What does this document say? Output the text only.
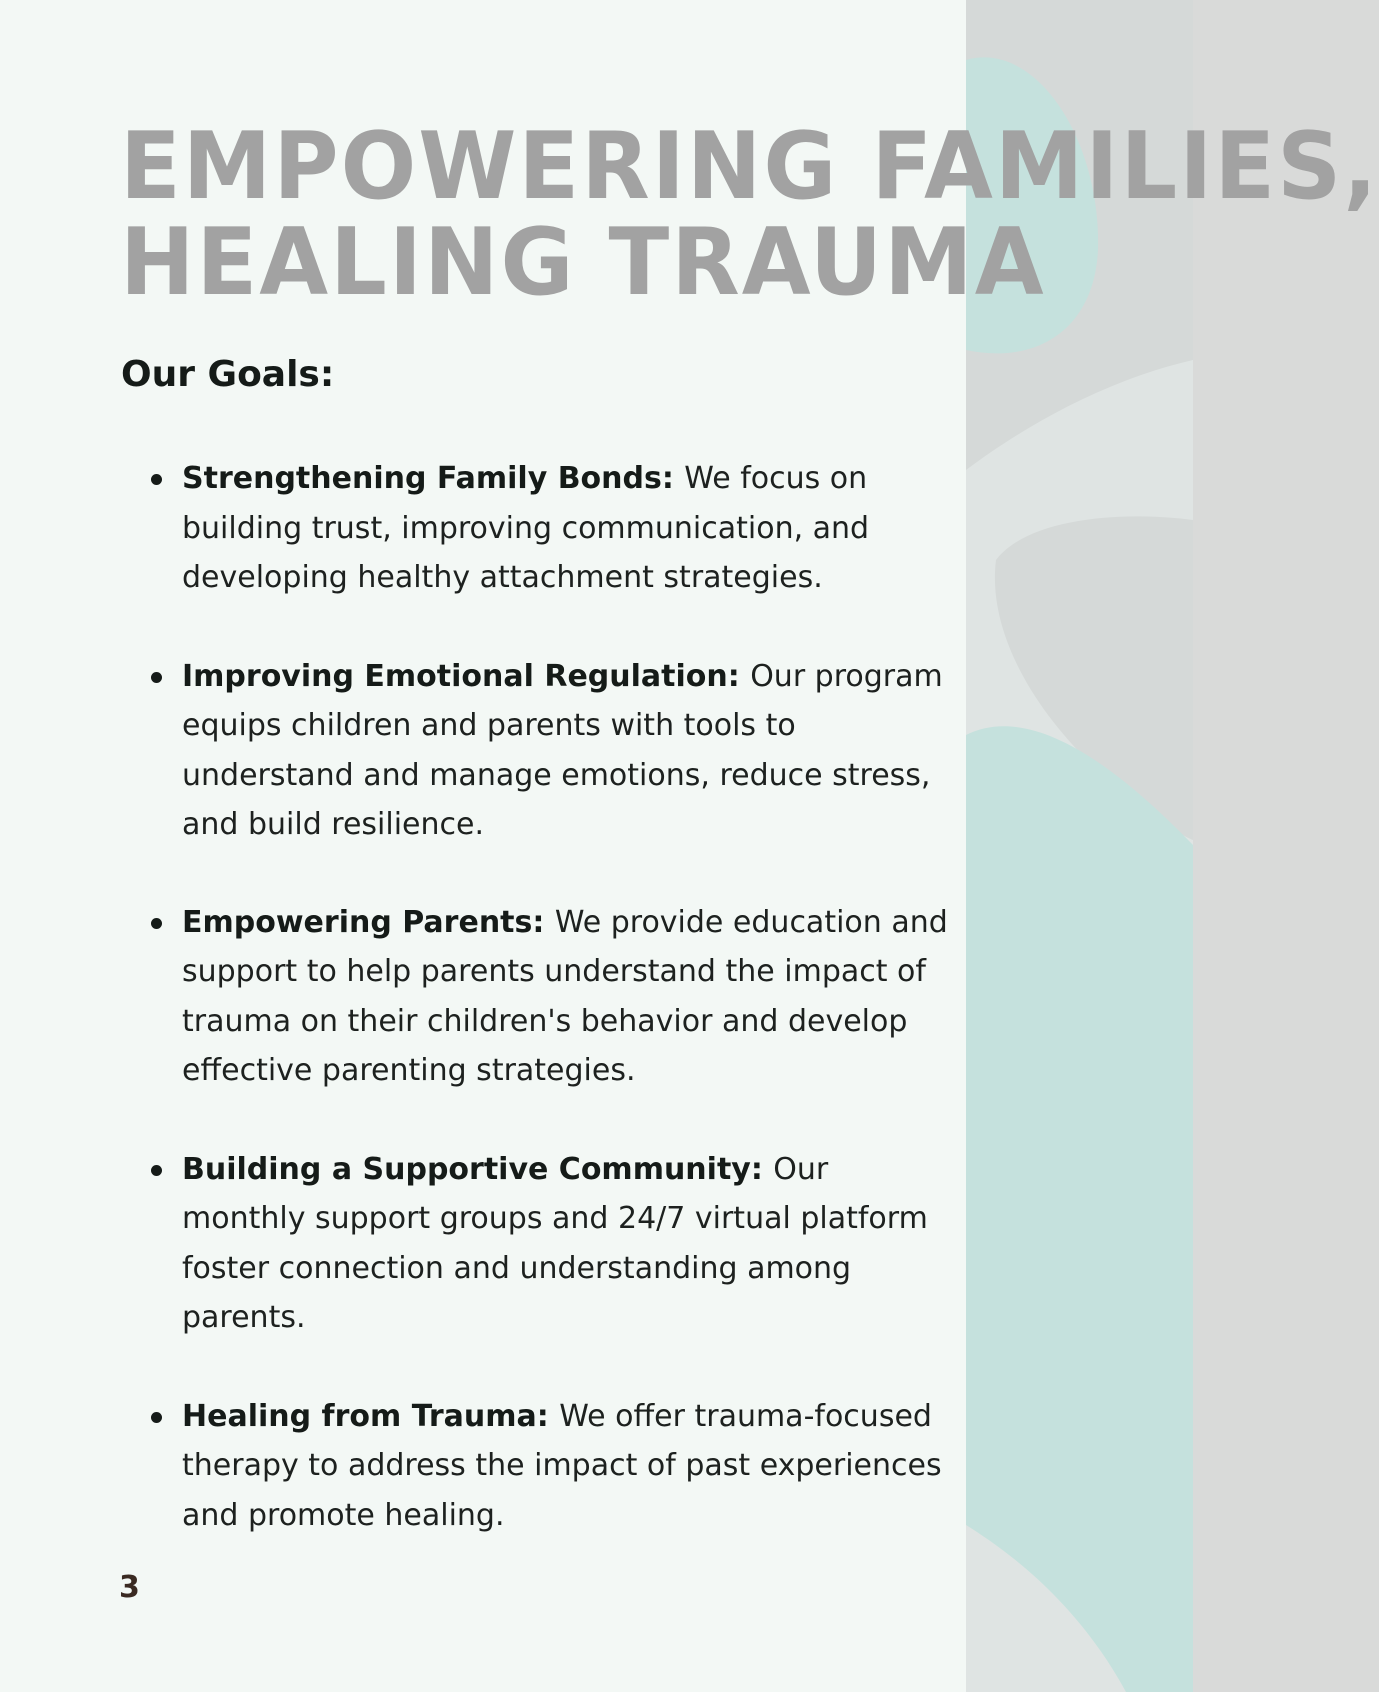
EMPOWERING FAMILIES,
HEALING TRAUMA
Our Goals:
Strengthening Family Bonds: We focus on building trust, improving communication, and developing healthy attachment strategies.
Improving Emotional Regulation: Our program equips children and parents with tools to understand and manage emotions, reduce stress, and build resilience.
Empowering Parents: We provide education and support to help parents understand the impact of trauma on their children's behavior and develop effective parenting strategies.
Building a Supportive Community: Our monthly support groups and 24/7 virtual platform foster connection and understanding among parents.
Healing from Trauma: We offer trauma-focused therapy to address the impact of past experiences and promote healing.

3
